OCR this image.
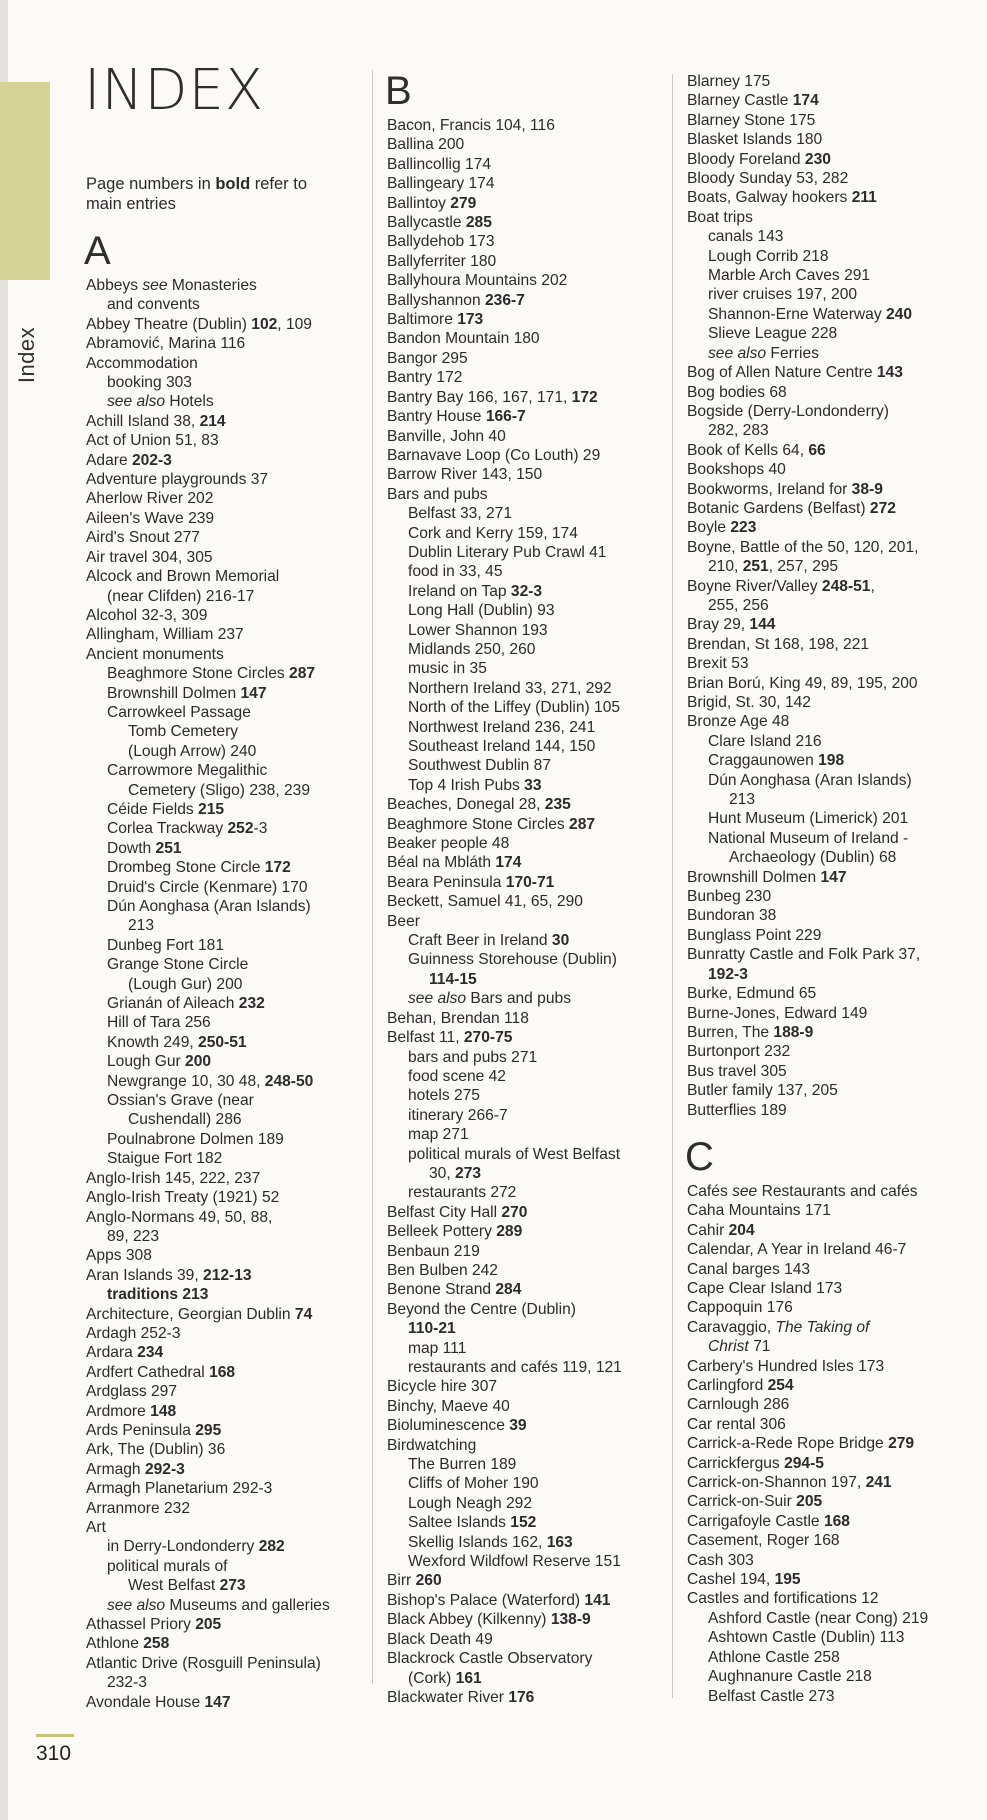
Index
INDEX
Page numbers in bold refer to main entries
A
Abbeys see Monasteries
and convents
Abbey Theatre (Dublin) 102, 109
Abramović, Marina 116
Accommodation
booking 303
see also Hotels
Achill Island 38, 214
Act of Union 51, 83
Adare 202-3
Adventure playgrounds 37
Aherlow River 202
Aileen's Wave 239
Aird's Snout 277
Air travel 304, 305
Alcock and Brown Memorial
(near Clifden) 216-17
Alcohol 32-3, 309
Allingham, William 237
Ancient monuments
Beaghmore Stone Circles 287
Brownshill Dolmen 147
Carrowkeel Passage
Tomb Cemetery
(Lough Arrow) 240
Carrowmore Megalithic
Cemetery (Sligo) 238, 239
Céide Fields 215
Corlea Trackway 252-3
Dowth 251
Drombeg Stone Circle 172
Druid's Circle (Kenmare) 170
Dún Aonghasa (Aran Islands)
213
Dunbeg Fort 181
Grange Stone Circle
(Lough Gur) 200
Grianán of Aileach 232
Hill of Tara 256
Knowth 249, 250-51
Lough Gur 200
Newgrange 10, 30 48, 248-50
Ossian's Grave (near
Cushendall) 286
Poulnabrone Dolmen 189
Staigue Fort 182
Anglo-Irish 145, 222, 237
Anglo-Irish Treaty (1921) 52
Anglo-Normans 49, 50, 88,
89, 223
Apps 308
Aran Islands 39, 212-13
traditions 213
Architecture, Georgian Dublin 74
Ardagh 252-3
Ardara 234
Ardfert Cathedral 168
Ardglass 297
Ardmore 148
Ards Peninsula 295
Ark, The (Dublin) 36
Armagh 292-3
Armagh Planetarium 292-3
Arranmore 232
Art
in Derry-Londonderry 282
political murals of
West Belfast 273
see also Museums and galleries
Athassel Priory 205
Athlone 258
Atlantic Drive (Rosguill Peninsula)
232-3
Avondale House 147
B
Bacon, Francis 104, 116
Ballina 200
Ballincollig 174
Ballingeary 174
Ballintoy 279
Ballycastle 285
Ballydehob 173
Ballyferriter 180
Ballyhoura Mountains 202
Ballyshannon 236-7
Baltimore 173
Bandon Mountain 180
Bangor 295
Bantry 172
Bantry Bay 166, 167, 171, 172
Bantry House 166-7
Banville, John 40
Barnavave Loop (Co Louth) 29
Barrow River 143, 150
Bars and pubs
Belfast 33, 271
Cork and Kerry 159, 174
Dublin Literary Pub Crawl 41
food in 33, 45
Ireland on Tap 32-3
Long Hall (Dublin) 93
Lower Shannon 193
Midlands 250, 260
music in 35
Northern Ireland 33, 271, 292
North of the Liffey (Dublin) 105
Northwest Ireland 236, 241
Southeast Ireland 144, 150
Southwest Dublin 87
Top 4 Irish Pubs 33
Beaches, Donegal 28, 235
Beaghmore Stone Circles 287
Beaker people 48
Béal na Mbláth 174
Beara Peninsula 170-71
Beckett, Samuel 41, 65, 290
Beer
Craft Beer in Ireland 30
Guinness Storehouse (Dublin)
114-15
see also Bars and pubs
Behan, Brendan 118
Belfast 11, 270-75
bars and pubs 271
food scene 42
hotels 275
itinerary 266-7
map 271
political murals of West Belfast
30, 273
restaurants 272
Belfast City Hall 270
Belleek Pottery 289
Benbaun 219
Ben Bulben 242
Benone Strand 284
Beyond the Centre (Dublin)
110-21
map 111
restaurants and cafés 119, 121
Bicycle hire 307
Binchy, Maeve 40
Bioluminescence 39
Birdwatching
The Burren 189
Cliffs of Moher 190
Lough Neagh 292
Saltee Islands 152
Skellig Islands 162, 163
Wexford Wildfowl Reserve 151
Birr 260
Bishop's Palace (Waterford) 141
Black Abbey (Kilkenny) 138-9
Black Death 49
Blackrock Castle Observatory
(Cork) 161
Blackwater River 176
Blarney 175
Blarney Castle 174
Blarney Stone 175
Blasket Islands 180
Bloody Foreland 230
Bloody Sunday 53, 282
Boats, Galway hookers 211
Boat trips
canals 143
Lough Corrib 218
Marble Arch Caves 291
river cruises 197, 200
Shannon-Erne Waterway 240
Slieve League 228
see also Ferries
Bog of Allen Nature Centre 143
Bog bodies 68
Bogside (Derry-Londonderry)
282, 283
Book of Kells 64, 66
Bookshops 40
Bookworms, Ireland for 38-9
Botanic Gardens (Belfast) 272
Boyle 223
Boyne, Battle of the 50, 120, 201,
210, 251, 257, 295
Boyne River/Valley 248-51,
255, 256
Bray 29, 144
Brendan, St 168, 198, 221
Brexit 53
Brian Ború, King 49, 89, 195, 200
Brigid, St. 30, 142
Bronze Age 48
Clare Island 216
Craggaunowen 198
Dún Aonghasa (Aran Islands)
213
Hunt Museum (Limerick) 201
National Museum of Ireland -
Archaeology (Dublin) 68
Brownshill Dolmen 147
Bunbeg 230
Bundoran 38
Bunglass Point 229
Bunratty Castle and Folk Park 37,
192-3
Burke, Edmund 65
Burne-Jones, Edward 149
Burren, The 188-9
Burtonport 232
Bus travel 305
Butler family 137, 205
Butterflies 189
C
Cafés see Restaurants and cafés
Caha Mountains 171
Cahir 204
Calendar, A Year in Ireland 46-7
Canal barges 143
Cape Clear Island 173
Cappoquin 176
Caravaggio, The Taking of
Christ 71
Carbery's Hundred Isles 173
Carlingford 254
Carnlough 286
Car rental 306
Carrick-a-Rede Rope Bridge 279
Carrickfergus 294-5
Carrick-on-Shannon 197, 241
Carrick-on-Suir 205
Carrigafoyle Castle 168
Casement, Roger 168
Cash 303
Cashel 194, 195
Castles and fortifications 12
Ashford Castle (near Cong) 219
Ashtown Castle (Dublin) 113
Athlone Castle 258
Aughnanure Castle 218
Belfast Castle 273
310
